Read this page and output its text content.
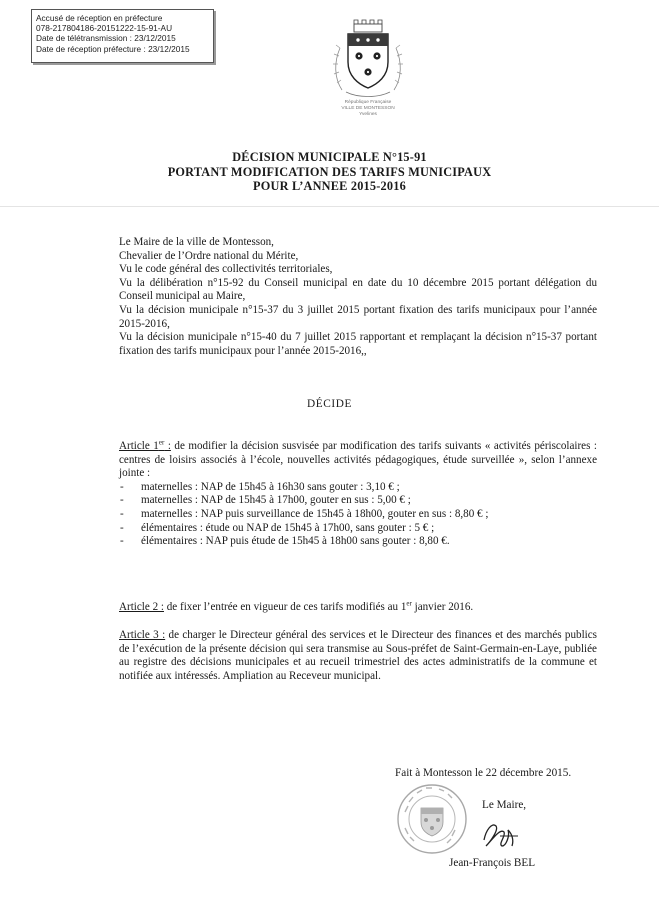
Accusé de réception en préfecture
078-217804186-20151222-15-91-AU
Date de télétransmission : 23/12/2015
Date de réception préfecture : 23/12/2015
République Française
VILLE DE MONTESSON
Yvelines
DÉCISION MUNICIPALE N°15-91
PORTANT MODIFICATION DES TARIFS MUNICIPAUX
POUR L’ANNEE 2015-2016

Le Maire de la ville de Montesson,

Chevalier de l’Ordre national du Mérite,

Vu le code général des collectivités territoriales,

Vu la délibération n°15-92 du Conseil municipal en date du 10 décembre 2015 portant délégation du Conseil municipal au Maire,

Vu la décision municipale n°15-37 du 3 juillet 2015 portant fixation des tarifs municipaux pour l’année 2015-2016,

Vu la décision municipale n°15-40 du 7 juillet 2015 rapportant et remplaçant la décision n°15-37 portant fixation des tarifs municipaux pour l’année 2015-2016,,

DÉCIDE

Article 1er : de modifier la décision susvisée par modification des tarifs suivants « activités périscolaires : centres de loisirs associés à l’école, nouvelles activités pédagogiques, étude surveillée », selon l’annexe jointe :

- maternelles : NAP de 15h45 à 16h30 sans gouter : 3,10 € ;
- maternelles : NAP de 15h45 à 17h00, gouter en sus : 5,00 € ;
- maternelles : NAP puis surveillance de 15h45 à 18h00, gouter en sus : 8,80 € ;
- élémentaires : étude ou NAP de 15h45 à 17h00, sans gouter : 5 € ;
- élémentaires : NAP puis étude de 15h45 à 18h00 sans gouter : 8,80 €.

Article 2 : de fixer l’entrée en vigueur de ces tarifs modifiés au 1er janvier 2016.

Article 3 : de charger le Directeur général des services et le Directeur des finances et des marchés publics de l’exécution de la présente décision qui sera transmise au Sous-préfet de Saint-Germain-en-Laye, publiée au registre des décisions municipales et au recueil trimestriel des actes administratifs de la commune et notifiée aux intéressés. Ampliation au Receveur municipal.

Fait à Montesson le 22 décembre 2015.
Le Maire,
Jean-François BEL
